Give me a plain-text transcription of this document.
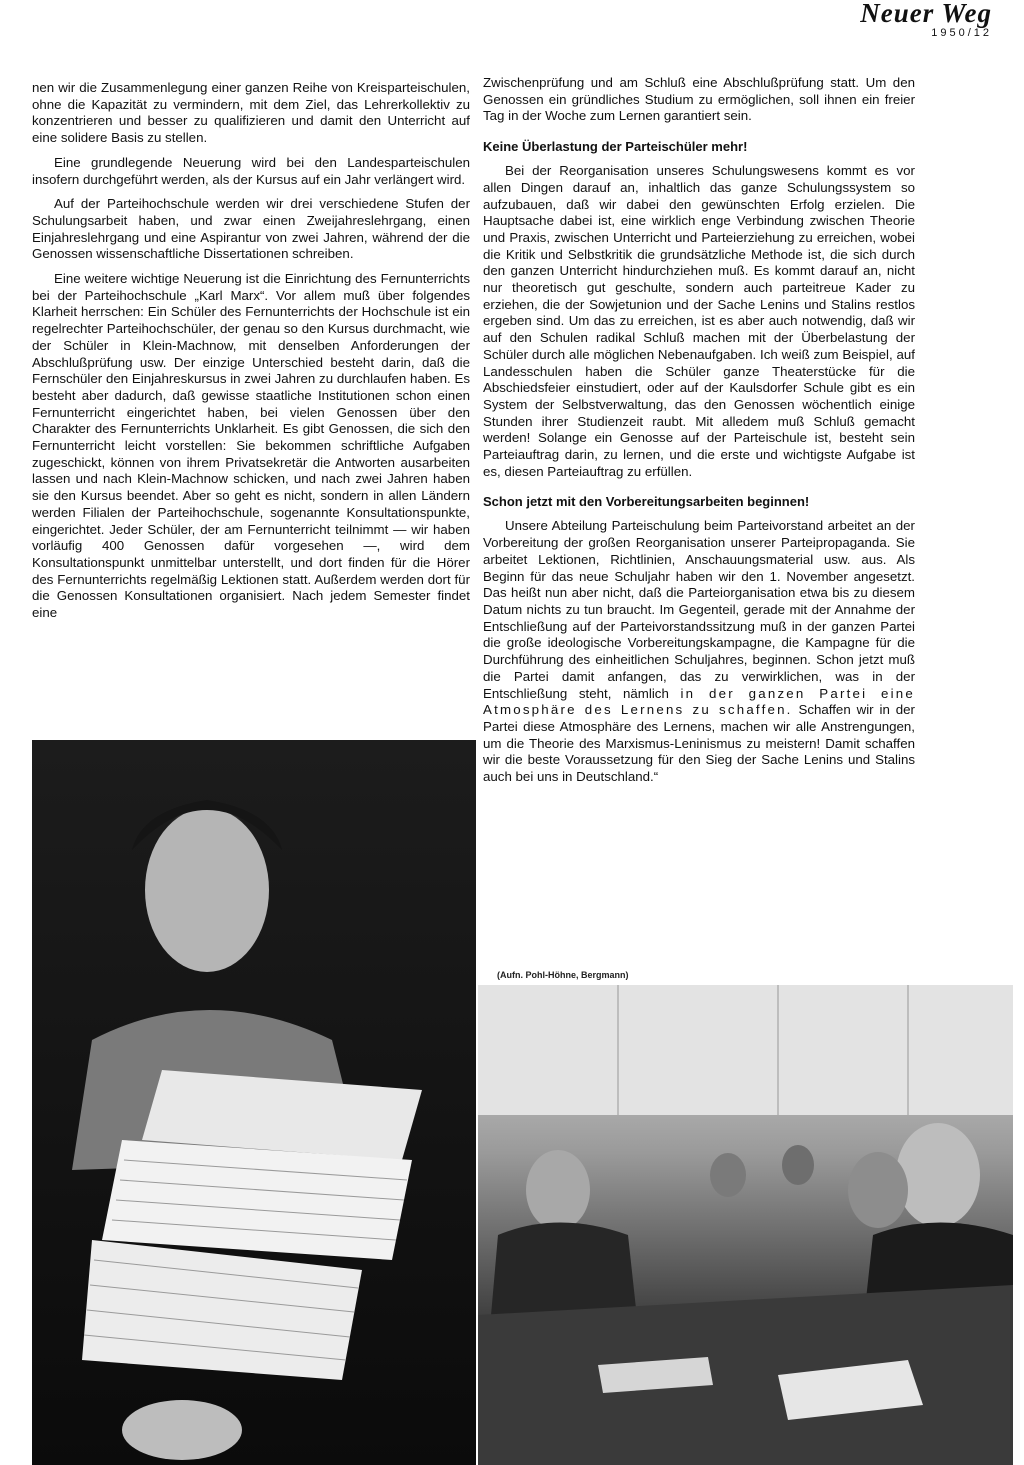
Neuer Weg
1950/12

nen wir die Zusammenlegung einer ganzen Reihe von Kreisparteischulen, ohne die Kapazität zu vermindern, mit dem Ziel, das Lehrerkollektiv zu konzentrieren und besser zu qualifizieren und damit den Unterricht auf eine solidere Basis zu stellen.

Eine grundlegende Neuerung wird bei den Landesparteischulen insofern durchgeführt werden, als der Kursus auf ein Jahr verlängert wird.

Auf der Parteihochschule werden wir drei verschiedene Stufen der Schulungsarbeit haben, und zwar einen Zweijahreslehrgang, einen Einjahreslehrgang und eine Aspirantur von zwei Jahren, während der die Genossen wissenschaftliche Dissertationen schreiben.

Eine weitere wichtige Neuerung ist die Einrichtung des Fernunterrichts bei der Parteihochschule „Karl Marx“. Vor allem muß über folgendes Klarheit herrschen: Ein Schüler des Fernunterrichts der Hochschule ist ein regelrechter Parteihochschüler, der genau so den Kursus durchmacht, wie der Schüler in Klein-Machnow, mit denselben Anforderungen der Abschlußprüfung usw. Der einzige Unterschied besteht darin, daß die Fernschüler den Einjahreskursus in zwei Jahren zu durchlaufen haben. Es besteht aber dadurch, daß gewisse staatliche Institutionen schon einen Fernunterricht eingerichtet haben, bei vielen Genossen über den Charakter des Fernunterrichts Unklarheit. Es gibt Genossen, die sich den Fernunterricht leicht vorstellen: Sie bekommen schriftliche Aufgaben zugeschickt, können von ihrem Privatsekretär die Antworten ausarbeiten lassen und nach Klein-Machnow schicken, und nach zwei Jahren haben sie den Kursus beendet. Aber so geht es nicht, sondern in allen Ländern werden Filialen der Parteihochschule, sogenannte Konsultationspunkte, eingerichtet. Jeder Schüler, der am Fernunterricht teilnimmt — wir haben vorläufig 400 Genossen dafür vorgesehen —, wird dem Konsultationspunkt unmittelbar unterstellt, und dort finden für die Hörer des Fernunterrichts regelmäßig Lektionen statt. Außerdem werden dort für die Genossen Konsultationen organisiert. Nach jedem Semester findet eine

Zwischenprüfung und am Schluß eine Abschlußprüfung statt. Um den Genossen ein gründliches Studium zu ermöglichen, soll ihnen ein freier Tag in der Woche zum Lernen garantiert sein.

Keine Überlastung der Parteischüler mehr!

Bei der Reorganisation unseres Schulungswesens kommt es vor allen Dingen darauf an, inhaltlich das ganze Schulungssystem so aufzubauen, daß wir dabei den gewünschten Erfolg erzielen. Die Hauptsache dabei ist, eine wirklich enge Verbindung zwischen Theorie und Praxis, zwischen Unterricht und Parteierziehung zu erreichen, wobei die Kritik und Selbstkritik die grundsätzliche Methode ist, die sich durch den ganzen Unterricht hindurchziehen muß. Es kommt darauf an, nicht nur theoretisch gut geschulte, sondern auch parteitreue Kader zu erziehen, die der Sowjetunion und der Sache Lenins und Stalins restlos ergeben sind. Um das zu erreichen, ist es aber auch notwendig, daß wir auf den Schulen radikal Schluß machen mit der Überbelastung der Schüler durch alle möglichen Nebenaufgaben. Ich weiß zum Beispiel, auf Landesschulen haben die Schüler ganze Theaterstücke für die Abschiedsfeier einstudiert, oder auf der Kaulsdorfer Schule gibt es ein System der Selbstverwaltung, das den Genossen wöchentlich einige Stunden ihrer Studienzeit raubt. Mit alledem muß Schluß gemacht werden! Solange ein Genosse auf der Parteischule ist, besteht sein Parteiauftrag darin, zu lernen, und die erste und wichtigste Aufgabe ist es, diesen Parteiauftrag zu erfüllen.

Schon jetzt mit den Vorbereitungsarbeiten beginnen!

Unsere Abteilung Parteischulung beim Parteivorstand arbeitet an der Vorbereitung der großen Reorganisation unserer Parteipropaganda. Sie arbeitet Lektionen, Richtlinien, Anschauungsmaterial usw. aus. Als Beginn für das neue Schuljahr haben wir den 1. November angesetzt. Das heißt nun aber nicht, daß die Parteiorganisation etwa bis zu diesem Datum nichts zu tun braucht. Im Gegenteil, gerade mit der Annahme der Entschließung auf der Parteivorstandssitzung muß in der ganzen Partei die große ideologische Vorbereitungskampagne, die Kampagne für die Durchführung des einheitlichen Schuljahres, beginnen. Schon jetzt muß die Partei damit anfangen, das zu verwirklichen, was in der Entschließung steht, nämlich in der ganzen Partei eine Atmosphäre des Lernens zu schaffen. Schaffen wir in der Partei diese Atmosphäre des Lernens, machen wir alle Anstrengungen, um die Theorie des Marxismus-Leninismus zu meistern! Damit schaffen wir die beste Voraussetzung für den Sieg der Sache Lenins und Stalins auch bei uns in Deutschland.“

(Aufn. Pohl-Höhne, Bergmann)
